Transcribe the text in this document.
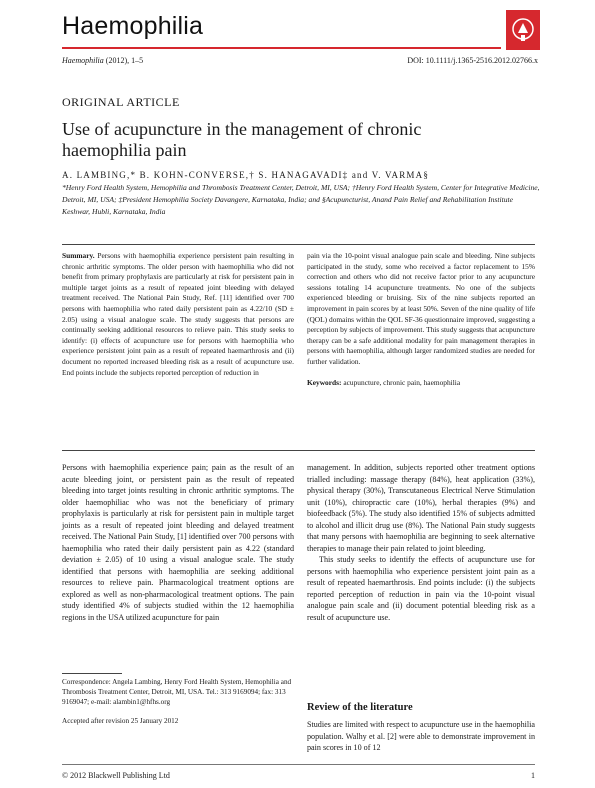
Haemophilia
Haemophilia (2012), 1–5	DOI: 10.1111/j.1365-2516.2012.02766.x
ORIGINAL ARTICLE
Use of acupuncture in the management of chronic haemophilia pain
A. LAMBING,* B. KOHN-CONVERSE,† S. HANAGAVADI‡ and V. VARMA§
*Henry Ford Health System, Hemophilia and Thrombosis Treatment Center, Detroit, MI, USA; †Henry Ford Health System, Center for Integrative Medicine, Detroit, MI, USA; ‡President Hemophilia Society Davangere, Karnataka, India; and §Acupuncturist, Anand Pain Relief and Rehabilitation Institute Keshwar, Hubli, Karnataka, India
Summary. Persons with haemophilia experience persistent pain resulting in chronic arthritic symptoms. The older person with haemophilia who did not benefit from primary prophylaxis are particularly at risk for persistent pain in multiple target joints as a result of repeated joint bleeding with delayed treatment received. The National Pain Study, Ref. [11] identified over 700 persons with haemophilia who rated daily persistent pain as 4.22/10 (SD ± 2.05) using a visual analogue scale. The study suggests that persons are continually seeking additional resources to relieve pain. This study seeks to identify: (i) effects of acupuncture use for persons with haemophilia who experience persistent joint pain as a result of repeated haemarthrosis and (ii) document no reported increased bleeding risk as a result of acupuncture use. End points include the subjects reported perception of reduction in
pain via the 10-point visual analogue pain scale and bleeding. Nine subjects participated in the study, some who received a factor replacement to 15% correction and others who did not receive factor prior to any acupuncture sessions totaling 14 acupuncture treatments. No one of the subjects experienced bleeding or bruising. Six of the nine subjects reported an improvement in pain scores by at least 50%. Seven of the nine quality of life (QOL) domains within the QOL SF-36 questionnaire improved, suggesting a perception by subjects of improvement. This study suggests that acupuncture therapy can be a safe additional modality for pain management therapies in persons with haemophilia, although larger randomized studies are needed for further validation.
Keywords: acupuncture, chronic pain, haemophilia
Persons with haemophilia experience pain; pain as the result of an acute bleeding joint, or persistent pain as the result of repeated bleeding into target joints resulting in chronic arthritic symptoms. The older haemophiliac who was not the beneficiary of primary prophylaxis is particularly at risk for persistent pain in multiple target joints as a result of repeated joint bleeding and delayed treatment received. The National Pain Study, [1] identified over 700 persons with haemophilia who rated their daily persistent pain as 4.22 (standard deviation ± 2.05) of 10 using a visual analogue scale. The study identified that persons with haemophilia are seeking additional resources to relieve pain. Pharmacological treatment options are explored as well as non-pharmacological treatment options. The pain study identified 4% of subjects studied within the 12 haemophilia regions in the USA utilized acupuncture for pain

management. In addition, subjects reported other treatment options trialled including: massage therapy (84%), heat application (33%), physical therapy (30%), Transcutaneous Electrical Nerve Stimulation unit (10%), chiropractic care (10%), herbal therapies (9%) and biofeedback (5%). The study also identified 15% of subjects admitted to alcohol and illicit drug use (8%). The National Pain study suggests that many persons with haemophilia are beginning to seek alternative therapies to manage their pain related to joint bleeding.

This study seeks to identify the effects of acupuncture use for persons with haemophilia who experience persistent joint pain as a result of repeated haemarthrosis. End points include: (i) the subjects reported perception of reduction in pain via the 10-point visual analogue pain scale and (ii) document potential bleeding risk as a result of acupuncture use.

Review of the literature
Studies are limited with respect to acupuncture use in the haemophilia population. Walhy et al. [2] were able to demonstrate improvement in pain scores in 10 of 12
Correspondence: Angela Lambing, Henry Ford Health System, Hemophilia and Thrombosis Treatment Center, Detroit, MI, USA. Tel.: 313 9169094; fax: 313 9169047; e-mail: alambin1@hfhs.org
Accepted after revision 25 January 2012
© 2012 Blackwell Publishing Ltd	1
